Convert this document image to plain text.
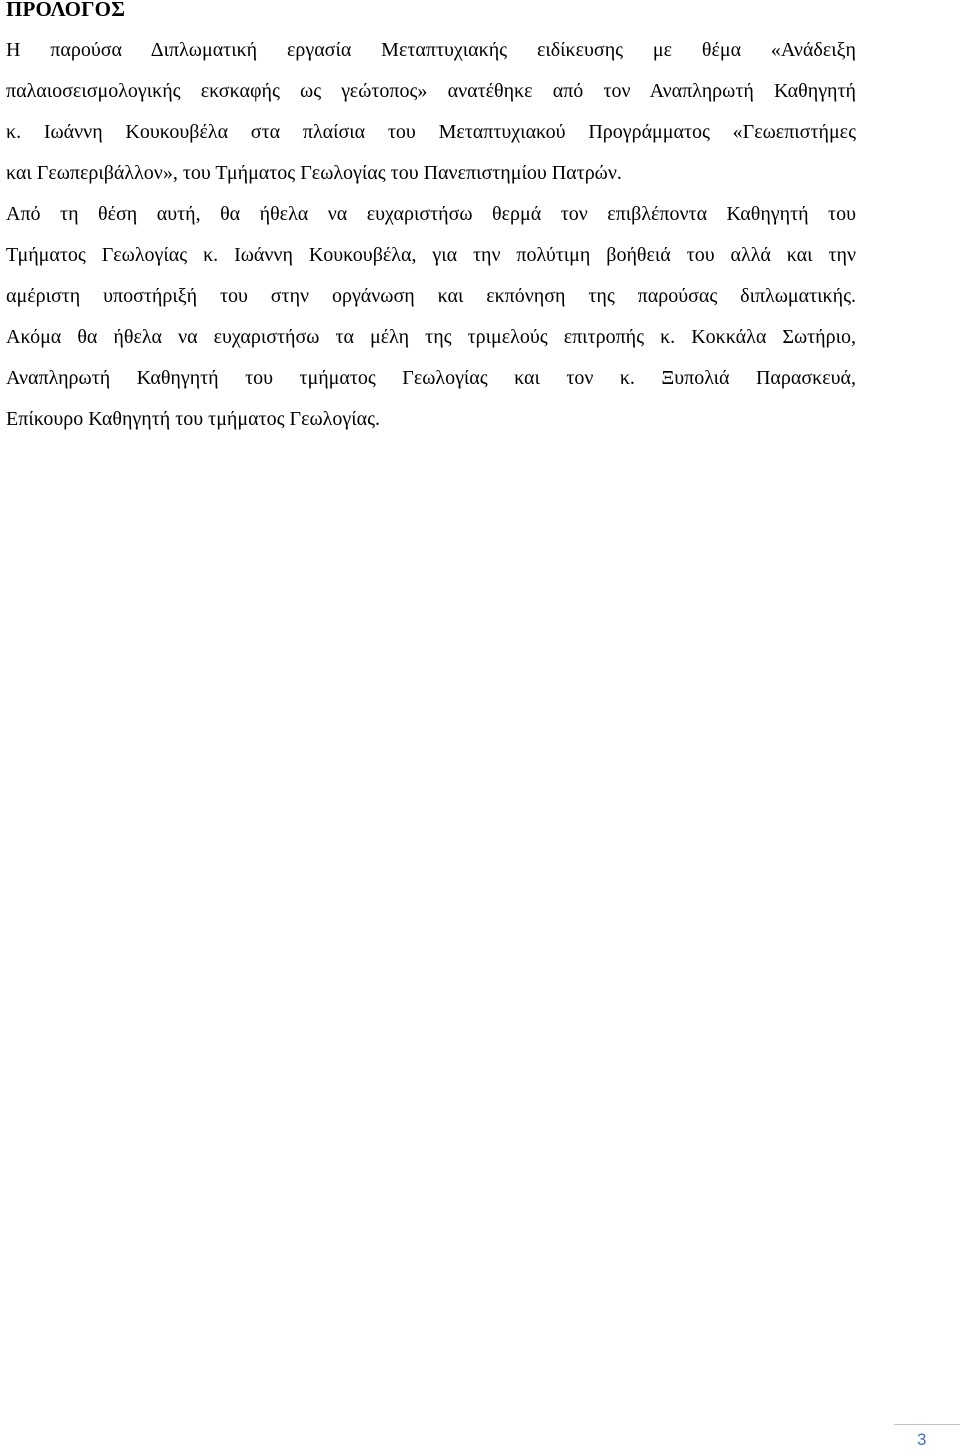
ΠΡΟΛΟΓΟΣ
Η παρούσα Διπλωματική εργασία Μεταπτυχιακής ειδίκευσης με θέμα «Ανάδειξη
παλαιοσεισμολογικής εκσκαφής ως γεώτοπος» ανατέθηκε από τον Αναπληρωτή Καθηγητή
κ. Ιωάννη Κουκουβέλα στα πλαίσια του Μεταπτυχιακού Προγράμματος «Γεωεπιστήμες
και Γεωπεριβάλλον», του Τμήματος Γεωλογίας του Πανεπιστημίου Πατρών.
Από τη θέση αυτή, θα ήθελα να ευχαριστήσω θερμά τον επιβλέποντα Καθηγητή του
Τμήματος Γεωλογίας κ. Ιωάννη Κουκουβέλα, για την πολύτιμη βοήθειά του αλλά και την
αμέριστη υποστήριξή του στην οργάνωση και εκπόνηση της παρούσας διπλωματικής.
Ακόμα θα ήθελα να ευχαριστήσω τα μέλη της τριμελούς επιτροπής κ. Κοκκάλα Σωτήριο,
Αναπληρωτή Καθηγητή του τμήματος Γεωλογίας και τον κ. Ξυπολιά Παρασκευά,
Επίκουρο Καθηγητή του τμήματος Γεωλογίας.
3
